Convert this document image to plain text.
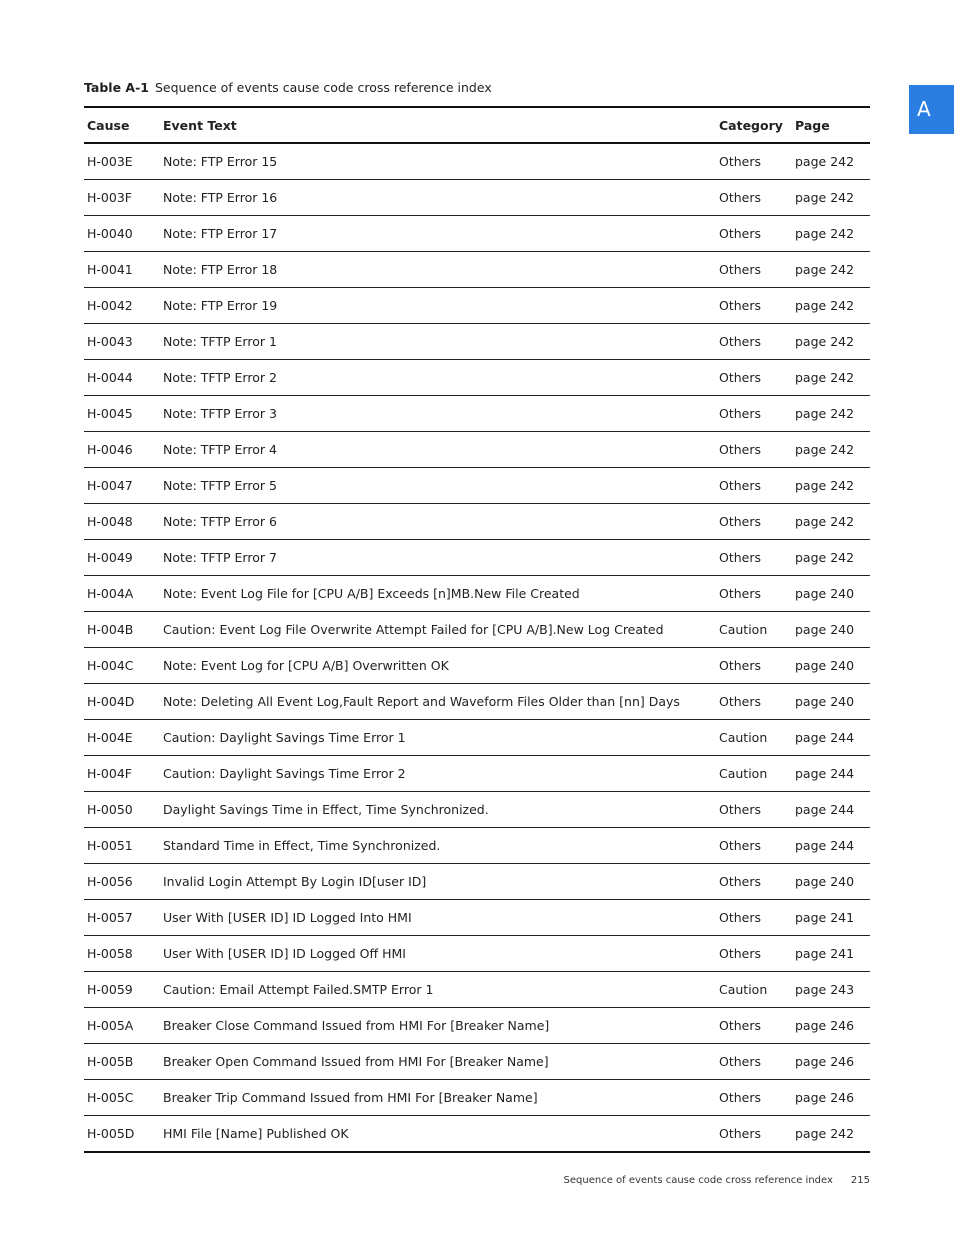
Table A-1 Sequence of events cause code cross reference index
A
Cause	Event Text	Category	Page
H-003E	Note: FTP Error 15	Others	page 242
H-003F	Note: FTP Error 16	Others	page 242
H-0040	Note: FTP Error 17	Others	page 242
H-0041	Note: FTP Error 18	Others	page 242
H-0042	Note: FTP Error 19	Others	page 242
H-0043	Note: TFTP Error 1	Others	page 242
H-0044	Note: TFTP Error 2	Others	page 242
H-0045	Note: TFTP Error 3	Others	page 242
H-0046	Note: TFTP Error 4	Others	page 242
H-0047	Note: TFTP Error 5	Others	page 242
H-0048	Note: TFTP Error 6	Others	page 242
H-0049	Note: TFTP Error 7	Others	page 242
H-004A	Note: Event Log File for [CPU A/B] Exceeds [n]MB.New File Created	Others	page 240
H-004B	Caution: Event Log File Overwrite Attempt Failed for [CPU A/B].New Log Created	Caution	page 240
H-004C	Note: Event Log for [CPU A/B] Overwritten OK	Others	page 240
H-004D	Note: Deleting All Event Log,Fault Report and Waveform Files Older than [nn] Days	Others	page 240
H-004E	Caution: Daylight Savings Time Error 1	Caution	page 244
H-004F	Caution: Daylight Savings Time Error 2	Caution	page 244
H-0050	Daylight Savings Time in Effect, Time Synchronized.	Others	page 244
H-0051	Standard Time in Effect, Time Synchronized.	Others	page 244
H-0056	Invalid Login Attempt By Login ID[user ID]	Others	page 240
H-0057	User With [USER ID] ID Logged Into HMI	Others	page 241
H-0058	User With [USER ID] ID Logged Off HMI	Others	page 241
H-0059	Caution: Email Attempt Failed.SMTP Error 1	Caution	page 243
H-005A	Breaker Close Command Issued from HMI For [Breaker Name]	Others	page 246
H-005B	Breaker Open Command Issued from HMI For [Breaker Name]	Others	page 246
H-005C	Breaker Trip Command Issued from HMI For [Breaker Name]	Others	page 246
H-005D	HMI File [Name] Published OK	Others	page 242
Sequence of events cause code cross reference index 215
